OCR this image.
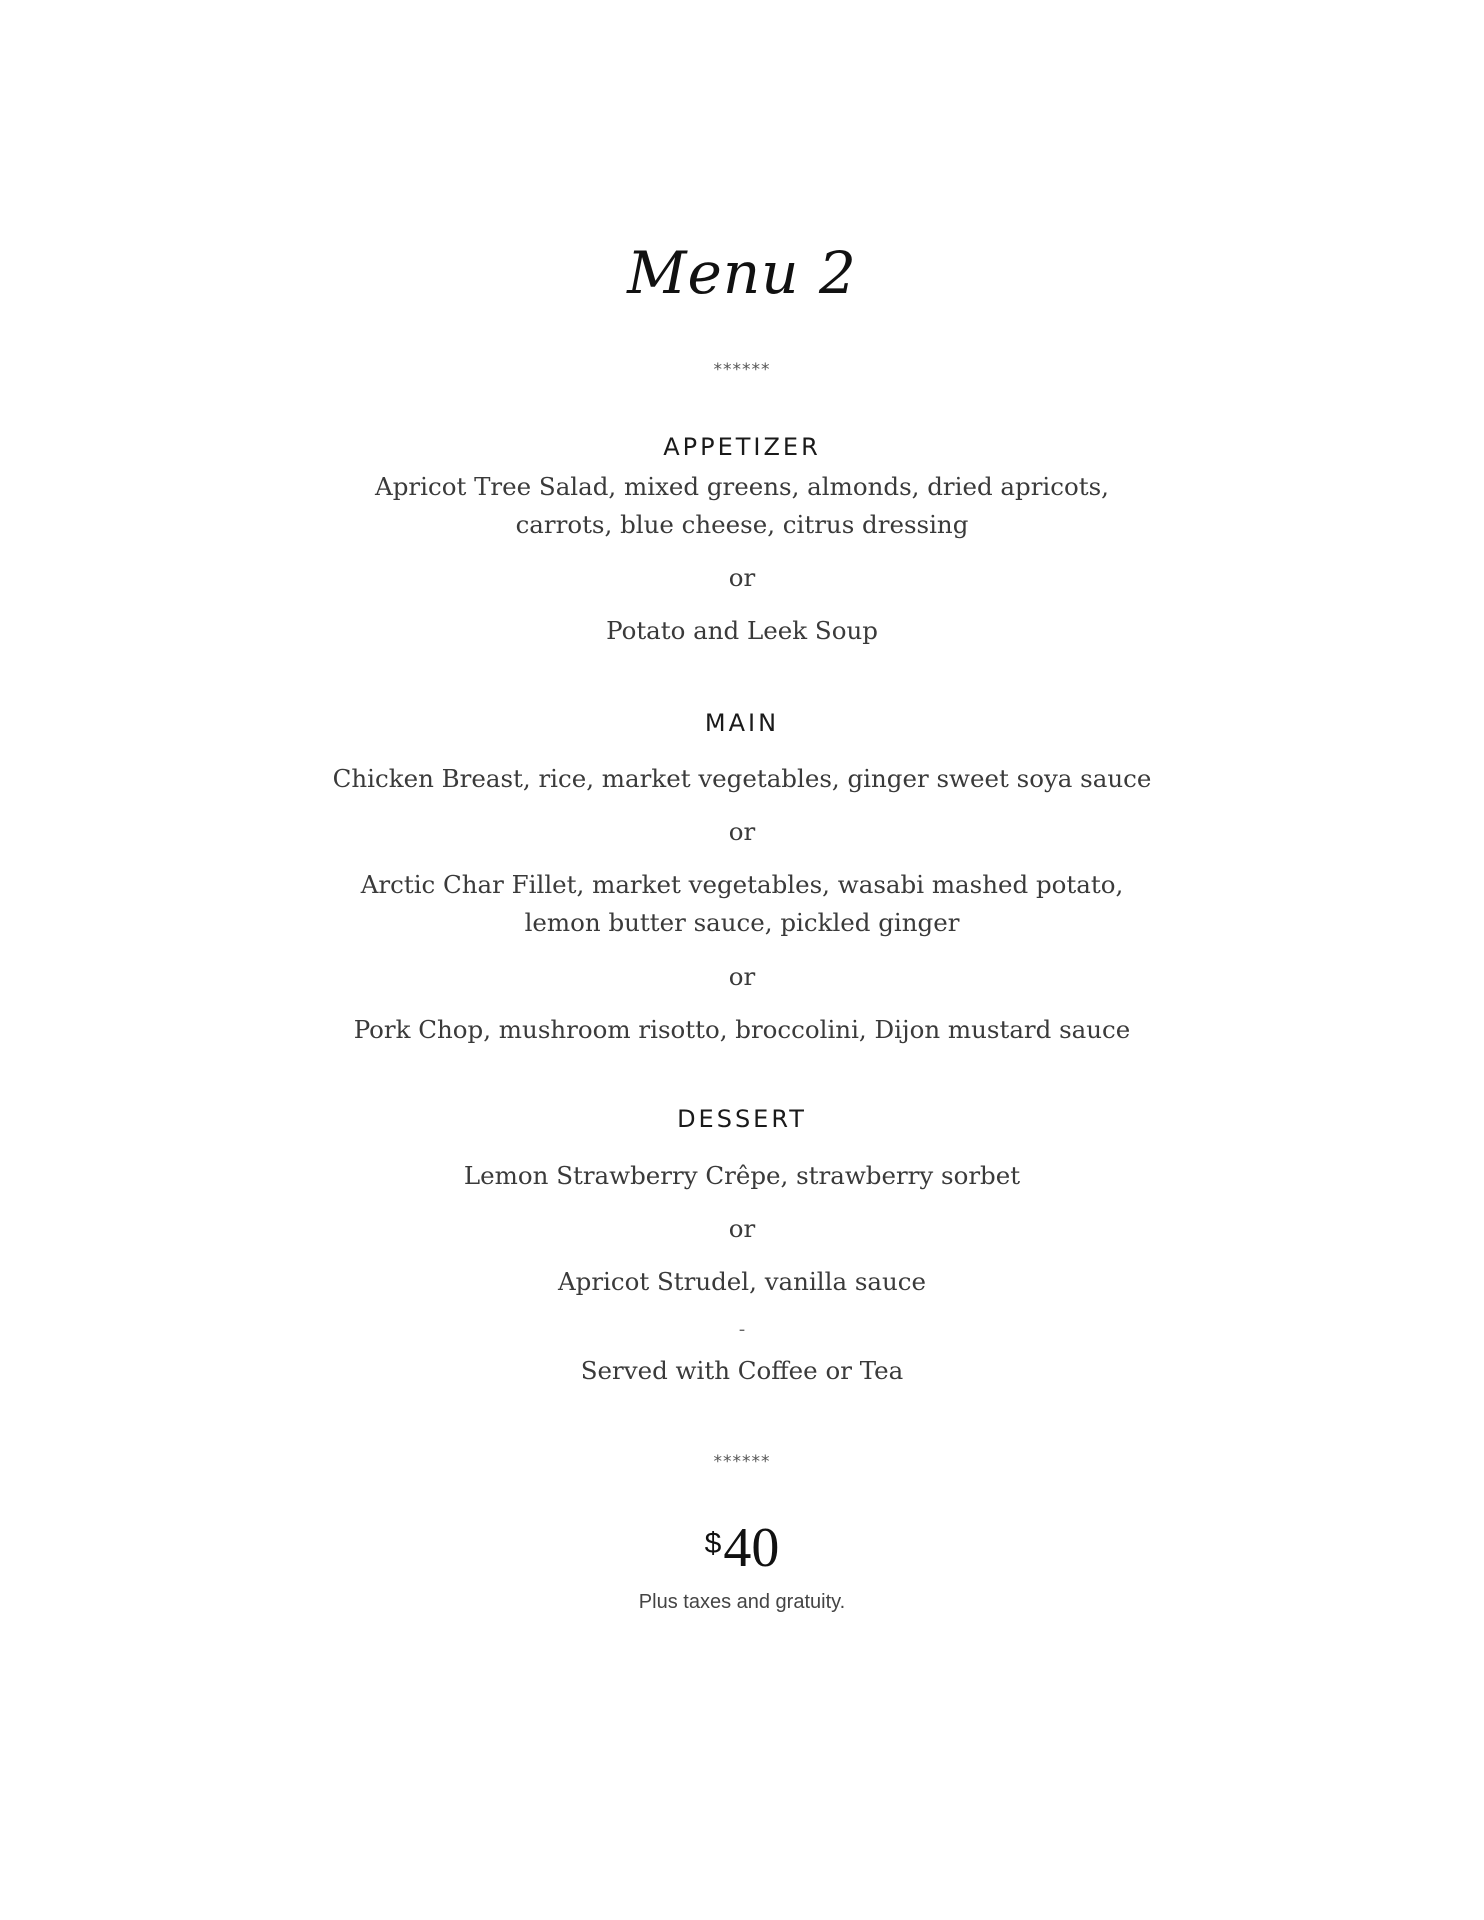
Menu 2
******
APPETIZER
Apricot Tree Salad, mixed greens, almonds, dried apricots,
carrots, blue cheese, citrus dressing
or
Potato and Leek Soup
MAIN
Chicken Breast, rice, market vegetables, ginger sweet soya sauce
or
Arctic Char Fillet, market vegetables, wasabi mashed potato,
lemon butter sauce, pickled ginger
or
Pork Chop, mushroom risotto, broccolini, Dijon mustard sauce
DESSERT
Lemon Strawberry Crêpe, strawberry sorbet
or
Apricot Strudel, vanilla sauce
-
Served with Coffee or Tea
******
$40
Plus taxes and gratuity.
